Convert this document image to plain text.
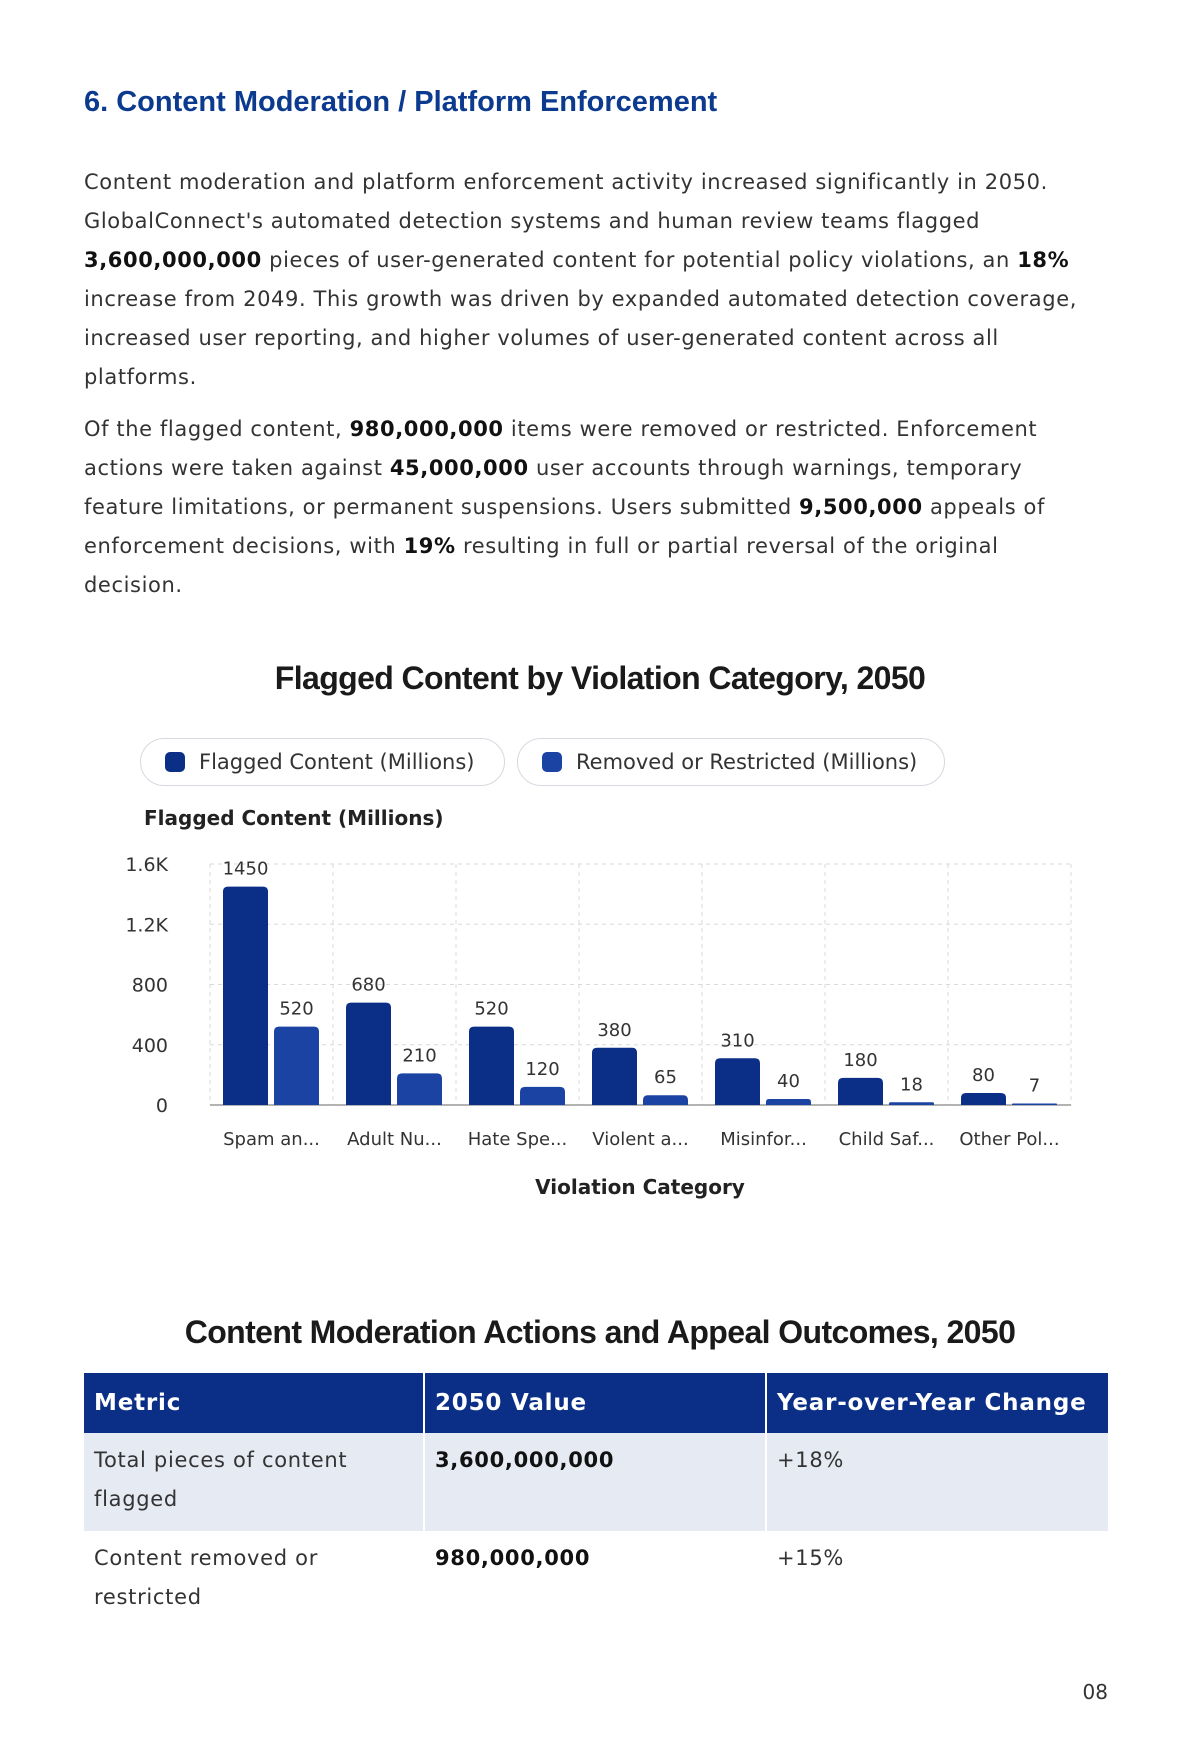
6. Content Moderation / Platform Enforcement

Content moderation and platform enforcement activity increased significantly in 2050. GlobalConnect's automated detection systems and human review teams flagged 3,600,000,000 pieces of user-generated content for potential policy violations, an 18% increase from 2049. This growth was driven by expanded automated detection coverage, increased user reporting, and higher volumes of user-generated content across all platforms.

Of the flagged content, 980,000,000 items were removed or restricted. Enforcement actions were taken against 45,000,000 user accounts through warnings, temporary feature limitations, or permanent suspensions. Users submitted 9,500,000 appeals of enforcement decisions, with 19% resulting in full or partial reversal of the original decision.

Flagged Content by Violation Category, 2050
Flagged Content (Millions)	Removed or Restricted (Millions)
Flagged Content (Millions)
0
400
800
1.2K
1.6K	1450
520
Spam an...
680
210
Adult Nu...
520
120
Hate Spe...
380
65
Violent a...
310
40
Misinfor...
180
18
Child Saf...
80
7
Other Pol...
Violation Category
Content Moderation Actions and Appeal Outcomes, 2050
Metric	2050 Value	Year-over-Year Change
Total pieces of content flagged	3,600,000,000	+18%
Content removed or restricted	980,000,000	+15%
08
